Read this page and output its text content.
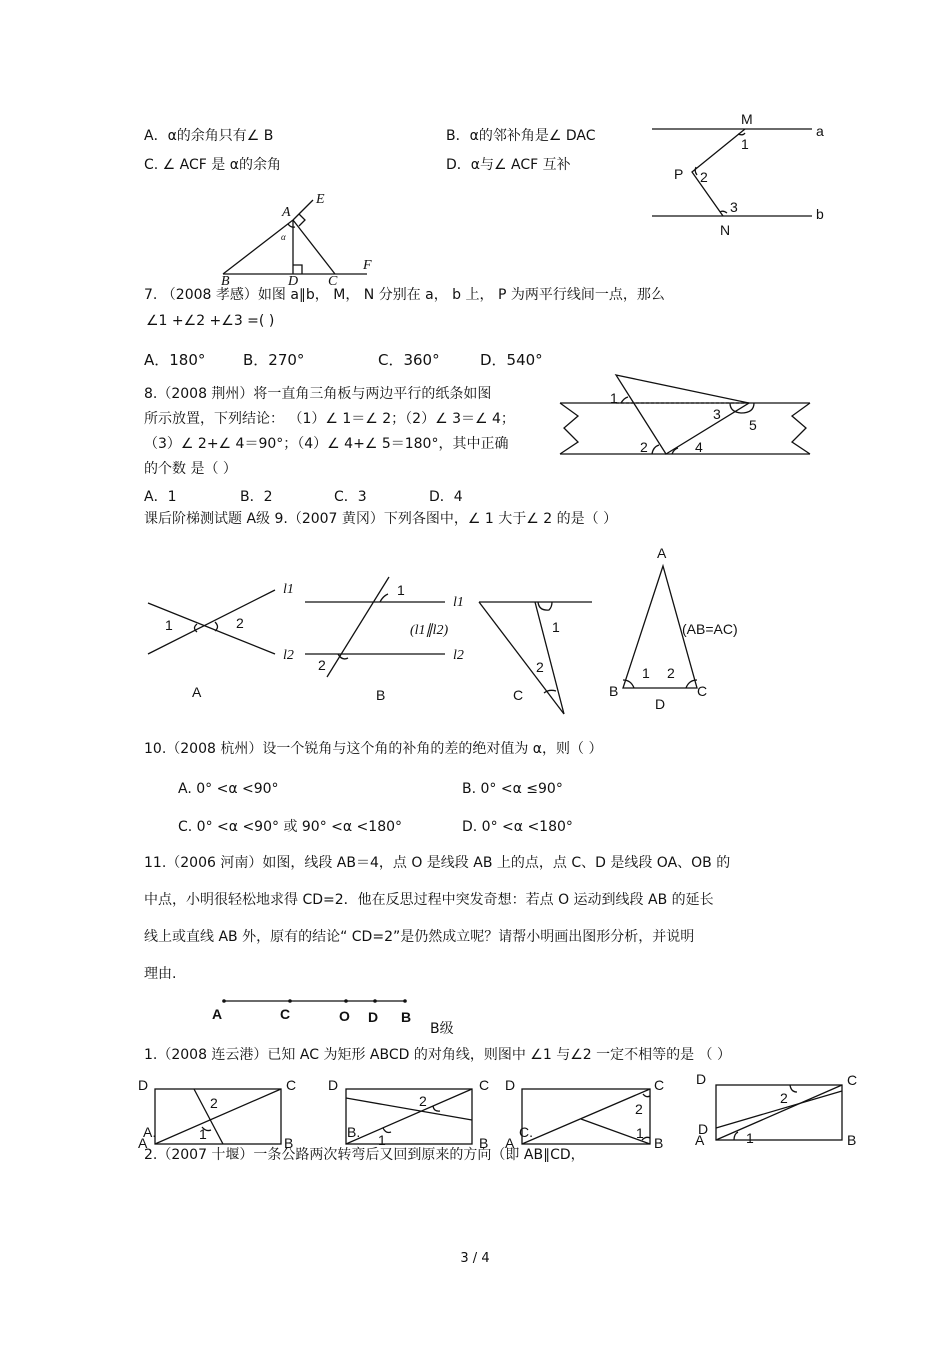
A．α的余角只有∠ B	B．α的邻补角是∠ DAC
C. ∠ ACF 是 α的余角	D．α与∠ ACF 互补
A
E
α
B	D C
F
M
a
1
P 2
3	b
N
7. （2008 孝感）如图 a∥b， M， N 分别在 a， b 上， P 为两平行线间一点，那么
∠1 +∠2 +∠3 =( )
A．180°	B．270°	C．360°	D．540°
8.（2008 荆州）将一直角三角板与两边平行的纸条如图
所示放置，下列结论： （1）∠ 1＝∠ 2；（2）∠ 3＝∠ 4；
（3）∠ 2+∠ 4＝90°；（4）∠ 4+∠ 5＝180°，其中正确
的个数 是（ ）
A．1	B．2	C．3	D．4
1
3
5
2	4
课后阶梯测试题 A级 9.（2007 黄冈）下列各图中，∠ 1 大于∠ 2 的是（ ）
l1
l2
1	2
A
1
l1
(l1∥l2)
2
l2
B
1
2
C
A
(AB=AC)
B
1 2
C
D
10.（2008 杭州）设一个锐角与这个角的补角的差的绝对值为 α，则（ ）
A. 0° <α <90°	B. 0° <α ≤90°
C. 0° <α <90° 或 90° <α <180°	D. 0° <α <180°
11.（2006 河南）如图，线段 AB＝4，点 O 是线段 AB 上的点，点 C、D 是线段 OA、OB 的
中点，小明很轻松地求得 CD=2．他在反思过程中突发奇想：若点 O 运动到线段 AB 的延长
线上或直线 AB 外，原有的结论“ CD=2”是仍然成立呢？请帮小明画出图形分析，并说明
理由.
A	C	O D B
B级
1.（2008 连云港）已知 AC 为矩形 ABCD 的对角线，则图中 ∠1 与∠2 一定不相等的是 （ ）
D	C
A.
A	B
2
1
D	C
B.
B
2
1
D	C
C.
A	B
2
1
D	C
D
A	B
2
1
2.（2007 十堰）一条公路两次转弯后又回到原来的方向（即 AB∥CD，
3 / 4
